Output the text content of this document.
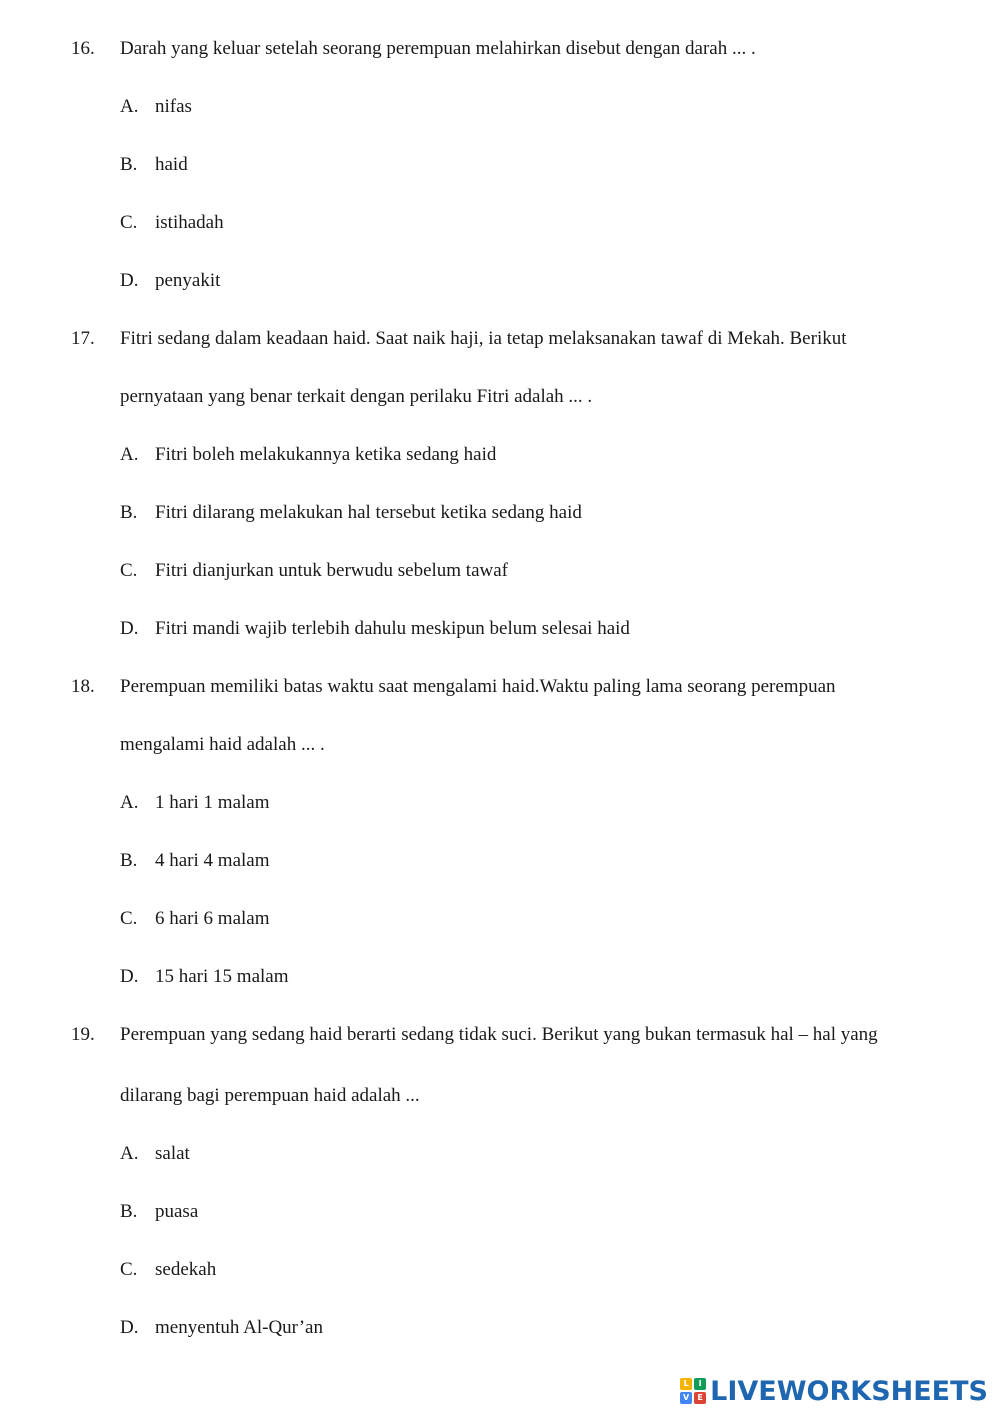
16. Darah yang keluar setelah seorang perempuan melahirkan disebut dengan darah ... .
A. nifas
B. haid
C. istihadah
D. penyakit
17. Fitri sedang dalam keadaan haid. Saat naik haji, ia tetap melaksanakan tawaf di Mekah. Berikut
pernyataan yang benar terkait dengan perilaku Fitri adalah ... .
A. Fitri boleh melakukannya ketika sedang haid
B. Fitri dilarang melakukan hal tersebut ketika sedang haid
C. Fitri dianjurkan untuk berwudu sebelum tawaf
D. Fitri mandi wajib terlebih dahulu meskipun belum selesai haid
18. Perempuan memiliki batas waktu saat mengalami haid.Waktu paling lama seorang perempuan
mengalami haid adalah ... .
A. 1 hari 1 malam
B. 4 hari 4 malam
C. 6 hari 6 malam
D. 15 hari 15 malam
19. Perempuan yang sedang haid berarti sedang tidak suci. Berikut yang bukan termasuk hal – hal yang
dilarang bagi perempuan haid adalah ...
A. salat
B. puasa
C. sedekah
D. menyentuh Al-Qur’an
L	I
V	E LIVEWORKSHEETS
